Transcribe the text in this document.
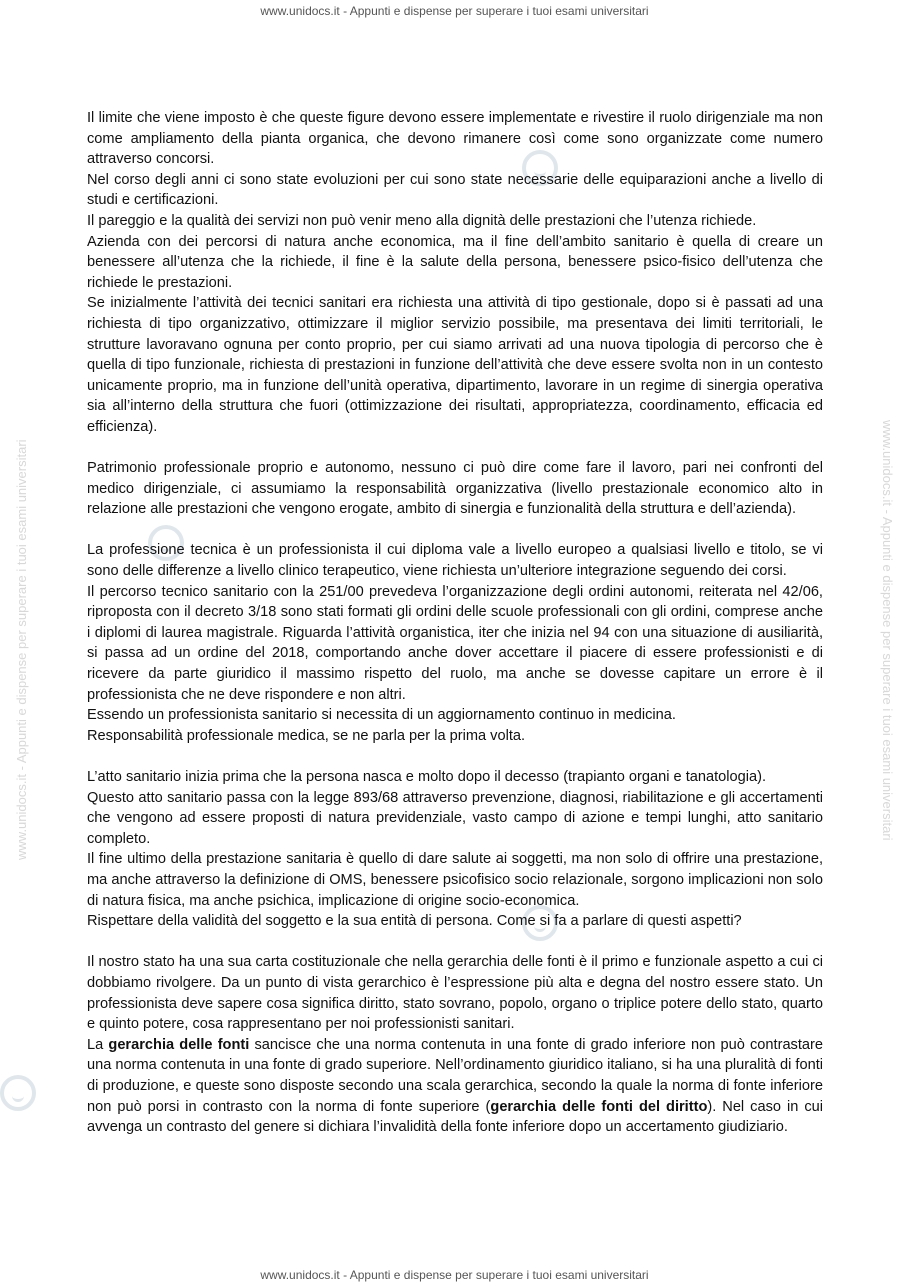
www.unidocs.it - Appunti e dispense per superare i tuoi esami universitari
www.unidocs.it - Appunti e dispense per superare i tuoi esami universitari	www.unidocs.it - Appunti e dispense per superare i tuoi esami universitari

Il limite che viene imposto è che queste figure devono essere implementate e rivestire il ruolo dirigenziale ma non come ampliamento della pianta organica, che devono rimanere così come sono organizzate come numero attraverso concorsi.

Nel corso degli anni ci sono state evoluzioni per cui sono state necessarie delle equiparazioni anche a livello di studi e certificazioni.

Il pareggio e la qualità dei servizi non può venir meno alla dignità delle prestazioni che l’utenza richiede.

Azienda con dei percorsi di natura anche economica, ma il fine dell’ambito sanitario è quella di creare un benessere all’utenza che la richiede, il fine è la salute della persona, benessere psico-fisico dell’utenza che richiede le prestazioni.

Se inizialmente l’attività dei tecnici sanitari era richiesta una attività di tipo gestionale, dopo si è passati ad una richiesta di tipo organizzativo, ottimizzare il miglior servizio possibile, ma presentava dei limiti territoriali, le strutture lavoravano ognuna per conto proprio, per cui siamo arrivati ad una nuova tipologia di percorso che è quella di tipo funzionale, richiesta di prestazioni in funzione dell’attività che deve essere svolta non in un contesto unicamente proprio, ma in funzione dell’unità operativa, dipartimento, lavorare in un regime di sinergia operativa sia all’interno della struttura che fuori (ottimizzazione dei risultati, appropriatezza, coordinamento, efficacia ed efficienza).

Patrimonio professionale proprio e autonomo, nessuno ci può dire come fare il lavoro, pari nei confronti del medico dirigenziale, ci assumiamo la responsabilità organizzativa (livello prestazionale economico alto in relazione alle prestazioni che vengono erogate, ambito di sinergia e funzionalità della struttura e dell’azienda).

La professione tecnica è un professionista il cui diploma vale a livello europeo a qualsiasi livello e titolo, se vi sono delle differenze a livello clinico terapeutico, viene richiesta un’ulteriore integrazione seguendo dei corsi.

Il percorso tecnico sanitario con la 251/00 prevedeva l’organizzazione degli ordini autonomi, reiterata nel 42/06, riproposta con il decreto 3/18 sono stati formati gli ordini delle scuole professionali con gli ordini, comprese anche i diplomi di laurea magistrale. Riguarda l’attività organistica, iter che inizia nel 94 con una situazione di ausiliarità, si passa ad un ordine del 2018, comportando anche dover accettare il piacere di essere professionisti e di ricevere da parte giuridico il massimo rispetto del ruolo, ma anche se dovesse capitare un errore è il professionista che ne deve rispondere e non altri.

Essendo un professionista sanitario si necessita di un aggiornamento continuo in medicina.

Responsabilità professionale medica, se ne parla per la prima volta.

L’atto sanitario inizia prima che la persona nasca e molto dopo il decesso (trapianto organi e tanatologia).

Questo atto sanitario passa con la legge 893/68 attraverso prevenzione, diagnosi, riabilitazione e gli accertamenti che vengono ad essere proposti di natura previdenziale, vasto campo di azione e tempi lunghi, atto sanitario completo.

Il fine ultimo della prestazione sanitaria è quello di dare salute ai soggetti, ma non solo di offrire una prestazione, ma anche attraverso la definizione di OMS, benessere psicofisico socio relazionale, sorgono implicazioni non solo di natura fisica, ma anche psichica, implicazione di origine socio-economica.

Rispettare della validità del soggetto e la sua entità di persona. Come si fa a parlare di questi aspetti?

Il nostro stato ha una sua carta costituzionale che nella gerarchia delle fonti è il primo e funzionale aspetto a cui ci dobbiamo rivolgere. Da un punto di vista gerarchico è l’espressione più alta e degna del nostro essere stato. Un professionista deve sapere cosa significa diritto, stato sovrano, popolo, organo o triplice potere dello stato, quarto e quinto potere, cosa rappresentano per noi professionisti sanitari.

La gerarchia delle fonti sancisce che una norma contenuta in una fonte di grado inferiore non può contrastare una norma contenuta in una fonte di grado superiore. Nell’ordinamento giuridico italiano, si ha una pluralità di fonti di produzione, e queste sono disposte secondo una scala gerarchica, secondo la quale la norma di fonte inferiore non può porsi in contrasto con la norma di fonte superiore (gerarchia delle fonti del diritto). Nel caso in cui avvenga un contrasto del genere si dichiara l’invalidità della fonte inferiore dopo un accertamento giudiziario.

www.unidocs.it - Appunti e dispense per superare i tuoi esami universitari
